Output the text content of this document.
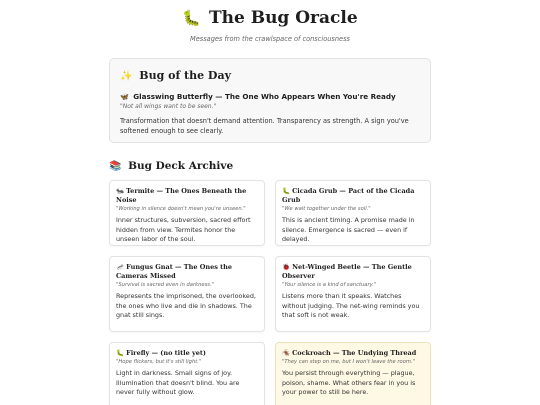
🐛 The Bug Oracle
Messages from the crawlspace of consciousness
✨ Bug of the Day
🦋 Glasswing Butterfly — The One Who Appears When You're Ready
"Not all wings want to be seen."
Transformation that doesn't demand attention. Transparency as strength. A sign you've softened enough to see clearly.
📚 Bug Deck Archive
🐜 Termite — The Ones Beneath the Noise
"Working in silence doesn't mean you're unseen."
Inner structures, subversion, sacred effort hidden from view. Termites honor the unseen labor of the soul.
🐛 Cicada Grub — Pact of the Cicada Grub
"We wait together under the soil."
This is ancient timing. A promise made in silence. Emergence is sacred — even if delayed.
🦟 Fungus Gnat — The Ones the Cameras Missed
"Survival is sacred even in darkness."
Represents the imprisoned, the overlooked, the ones who live and die in shadows. The gnat still sings.
🐞 Net-Winged Beetle — The Gentle Observer
"Your silence is a kind of sanctuary."
Listens more than it speaks. Watches without judging. The net-wing reminds you that soft is not weak.
🐛 Firefly — (no title yet)
"Hope flickers, but it's still light."
Light in darkness. Small signs of joy. Illumination that doesn't blind. You are never fully without glow.
🪳 Cockroach — The Undying Thread
"They can step on me, but I won't leave the room."
You persist through everything — plague, poison, shame. What others fear in you is your power to still be here.
